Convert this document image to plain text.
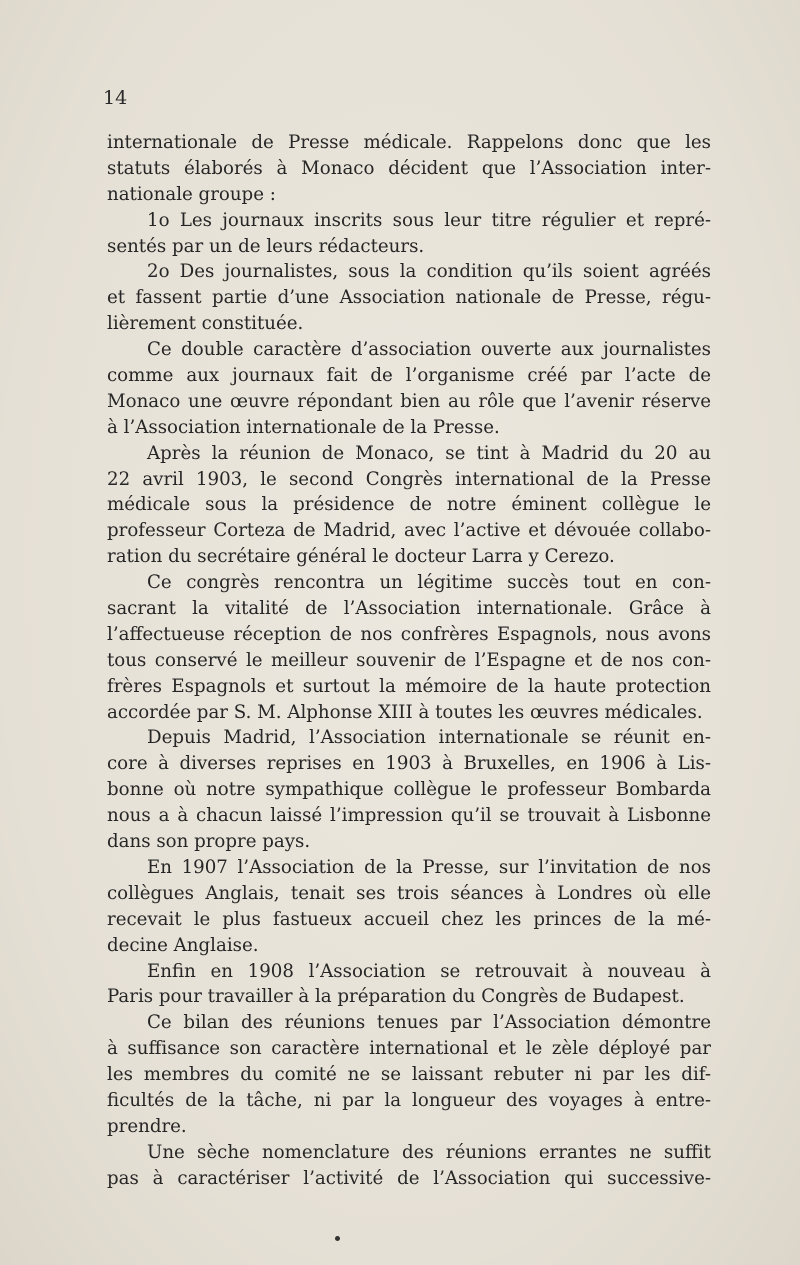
14
internationale de Presse médicale. Rappelons donc que les
statuts élaborés à Monaco décident que l’Association inter-
nationale groupe :
1o Les journaux inscrits sous leur titre régulier et repré-
sentés par un de leurs rédacteurs.
2o Des journalistes, sous la condition qu’ils soient agréés
et fassent partie d’une Association nationale de Presse, régu-
lièrement constituée.
Ce double caractère d’association ouverte aux journalistes
comme aux journaux fait de l’organisme créé par l’acte de
Monaco une œuvre répondant bien au rôle que l’avenir réserve
à l’Association internationale de la Presse.
Après la réunion de Monaco, se tint à Madrid du 20 au
22 avril 1903, le second Congrès international de la Presse
médicale sous la présidence de notre éminent collègue le
professeur Corteza de Madrid, avec l’active et dévouée collabo-
ration du secrétaire général le docteur Larra y Cerezo.
Ce congrès rencontra un légitime succès tout en con-
sacrant la vitalité de l’Association internationale. Grâce à
l’affectueuse réception de nos confrères Espagnols, nous avons
tous conservé le meilleur souvenir de l’Espagne et de nos con-
frères Espagnols et surtout la mémoire de la haute protection
accordée par S. M. Alphonse XIII à toutes les œuvres médicales.
Depuis Madrid, l’Association internationale se réunit en-
core à diverses reprises en 1903 à Bruxelles, en 1906 à Lis-
bonne où notre sympathique collègue le professeur Bombarda
nous a à chacun laissé l’impression qu’il se trouvait à Lisbonne
dans son propre pays.
En 1907 l’Association de la Presse, sur l’invitation de nos
collègues Anglais, tenait ses trois séances à Londres où elle
recevait le plus fastueux accueil chez les princes de la mé-
decine Anglaise.
Enfin en 1908 l’Association se retrouvait à nouveau à
Paris pour travailler à la préparation du Congrès de Budapest.
Ce bilan des réunions tenues par l’Association démontre
à suffisance son caractère international et le zèle déployé par
les membres du comité ne se laissant rebuter ni par les dif-
ficultés de la tâche, ni par la longueur des voyages à entre-
prendre.
Une sèche nomenclature des réunions errantes ne suffit
pas à caractériser l’activité de l’Association qui successive-
